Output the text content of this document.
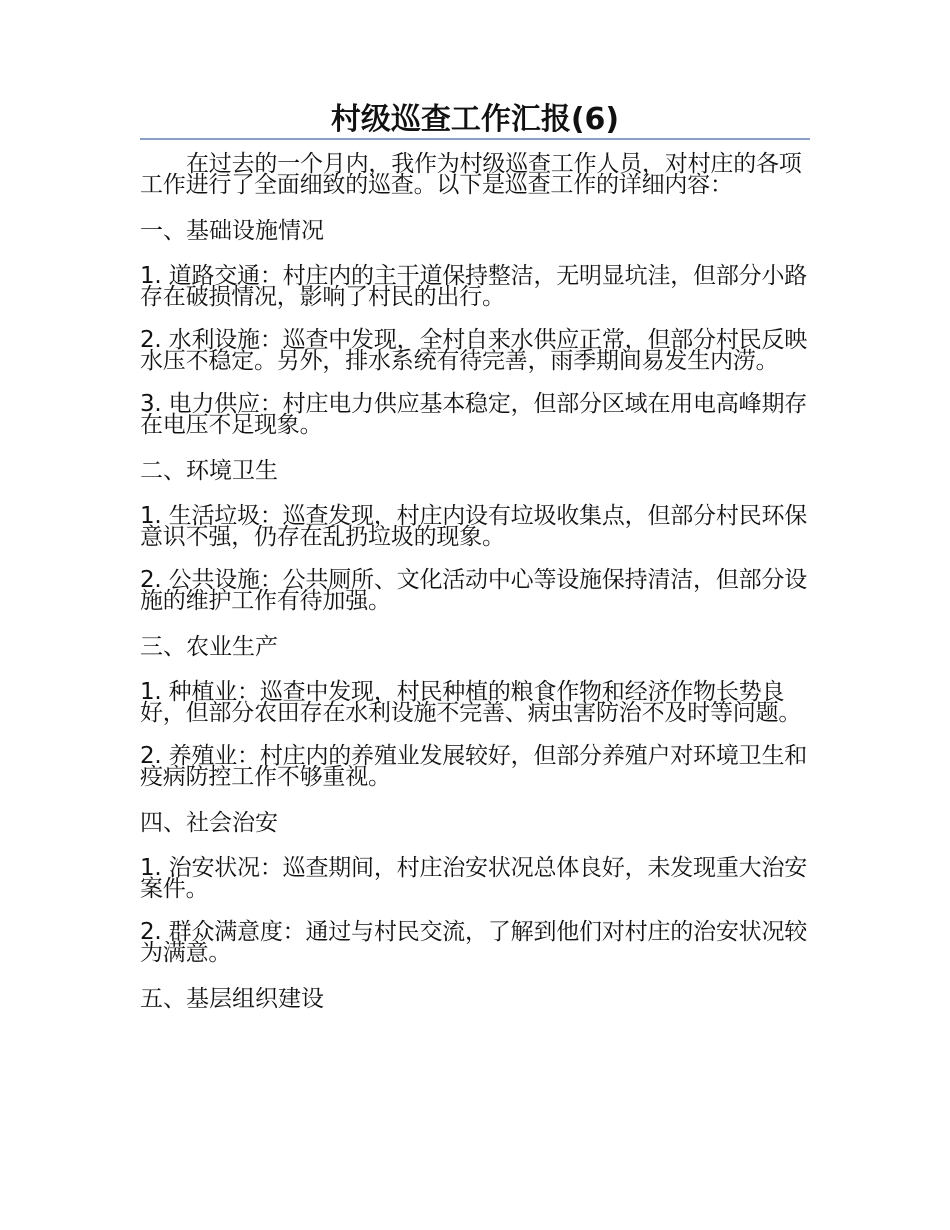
村级巡查工作汇报(6)

在过去的一个月内，我作为村级巡查工作人员，对村庄的各项工作进行了全面细致的巡查。以下是巡查工作的详细内容：

一、基础设施情况

1. 道路交通：村庄内的主干道保持整洁，无明显坑洼，但部分小路存在破损情况，影响了村民的出行。

2. 水利设施：巡查中发现，全村自来水供应正常，但部分村民反映水压不稳定。另外，排水系统有待完善，雨季期间易发生内涝。

3. 电力供应：村庄电力供应基本稳定，但部分区域在用电高峰期存在电压不足现象。

二、环境卫生

1. 生活垃圾：巡查发现，村庄内设有垃圾收集点，但部分村民环保意识不强，仍存在乱扔垃圾的现象。

2. 公共设施：公共厕所、文化活动中心等设施保持清洁，但部分设施的维护工作有待加强。

三、农业生产

1. 种植业：巡查中发现，村民种植的粮食作物和经济作物长势良好，但部分农田存在水利设施不完善、病虫害防治不及时等问题。

2. 养殖业：村庄内的养殖业发展较好，但部分养殖户对环境卫生和疫病防控工作不够重视。

四、社会治安

1. 治安状况：巡查期间，村庄治安状况总体良好，未发现重大治安案件。

2. 群众满意度：通过与村民交流，了解到他们对村庄的治安状况较为满意。

五、基层组织建设
